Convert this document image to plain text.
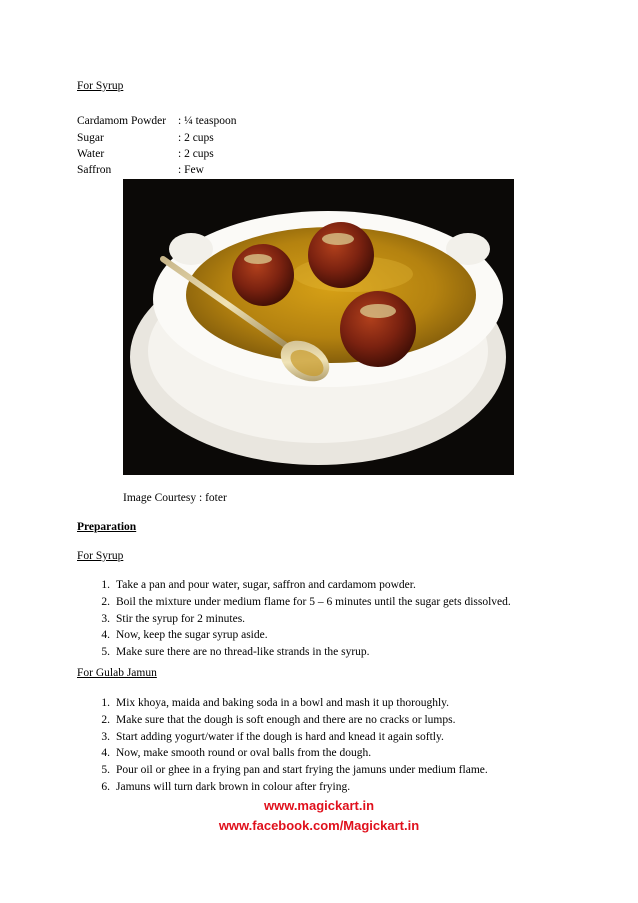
For Syrup
Cardamom Powder : ¼ teaspoon
Sugar	: 2 cups
Water	: 2 cups
Saffron	: Few
Image Courtesy : foter
Preparation
For Syrup
1. Take a pan and pour water, sugar, saffron and cardamom powder.
2. Boil the mixture under medium flame for 5 – 6 minutes until the sugar gets dissolved.
3. Stir the syrup for 2 minutes.
4. Now, keep the sugar syrup aside.
5. Make sure there are no thread-like strands in the syrup.
For Gulab Jamun
1. Mix khoya, maida and baking soda in a bowl and mash it up thoroughly.
2. Make sure that the dough is soft enough and there are no cracks or lumps.
3. Start adding yogurt/water if the dough is hard and knead it again softly.
4. Now, make smooth round or oval balls from the dough.
5. Pour oil or ghee in a frying pan and start frying the jamuns under medium flame.
6. Jamuns will turn dark brown in colour after frying.
www.magickart.in
www.facebook.com/Magickart.in
